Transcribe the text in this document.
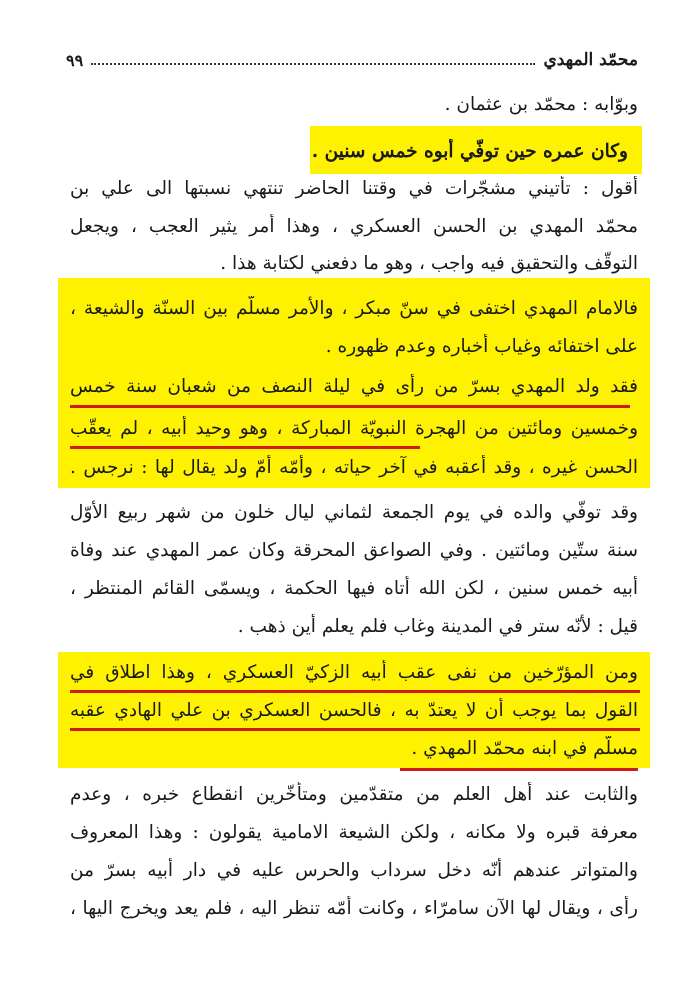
محمّد المهدي
٩٩
وبوّابه : محمّد بن عثمان .
وكان عمره حين توفّي أبوه خمس سنين .
أقول : تأتيني مشجّرات في وقتنا الحاضر تنتهي نسبتها الى علي بن
محمّد المهدي بن الحسن العسكري ، وهذا أمر يثير العجب ، ويجعل
التوقّف والتحقيق فيه واجب ، وهو ما دفعني لكتابة هذا .
فالامام المهدي اختفى في سنّ مبكر ، والأمر مسلّم بين السنّة والشيعة ،
على اختفائه وغياب أخباره وعدم ظهوره .
فقد ولد المهدي بسرّ من رأى في ليلة النصف من شعبان سنة خمس
وخمسين ومائتين من الهجرة النبويّة المباركة ، وهو وحيد أبيه ، لم يعقّب
الحسن غيره ، وقد أعقبه في آخر حياته ، وأمّه أمّ ولد يقال لها : نرجس .
وقد توفّي والده في يوم الجمعة لثماني ليال خلون من شهر ربيع الأوّل
سنة ستّين ومائتين . وفي الصواعق المحرقة وكان عمر المهدي عند وفاة
أبيه خمس سنين ، لكن الله أتاه فيها الحكمة ، ويسمّى القائم المنتظر ،
قيل : لأنّه ستر في المدينة وغاب فلم يعلم أين ذهب .
ومن المؤرّخين من نفى عقب أبيه الزكيّ العسكري ، وهذا اطلاق في
القول بما يوجب أن لا يعتدّ به ، فالحسن العسكري بن علي الهادي عقبه
مسلّم في ابنه محمّد المهدي .
والثابت عند أهل العلم من متقدّمين ومتأخّرين انقطاع خبره ، وعدم
معرفة قبره ولا مكانه ، ولكن الشيعة الامامية يقولون : وهذا المعروف
والمتواتر عندهم أنّه دخل سرداب والحرس عليه في دار أبيه بسرّ من
رأى ، ويقال لها الآن سامرّاء ، وكانت أمّه تنظر اليه ، فلم يعد ويخرج اليها ،
